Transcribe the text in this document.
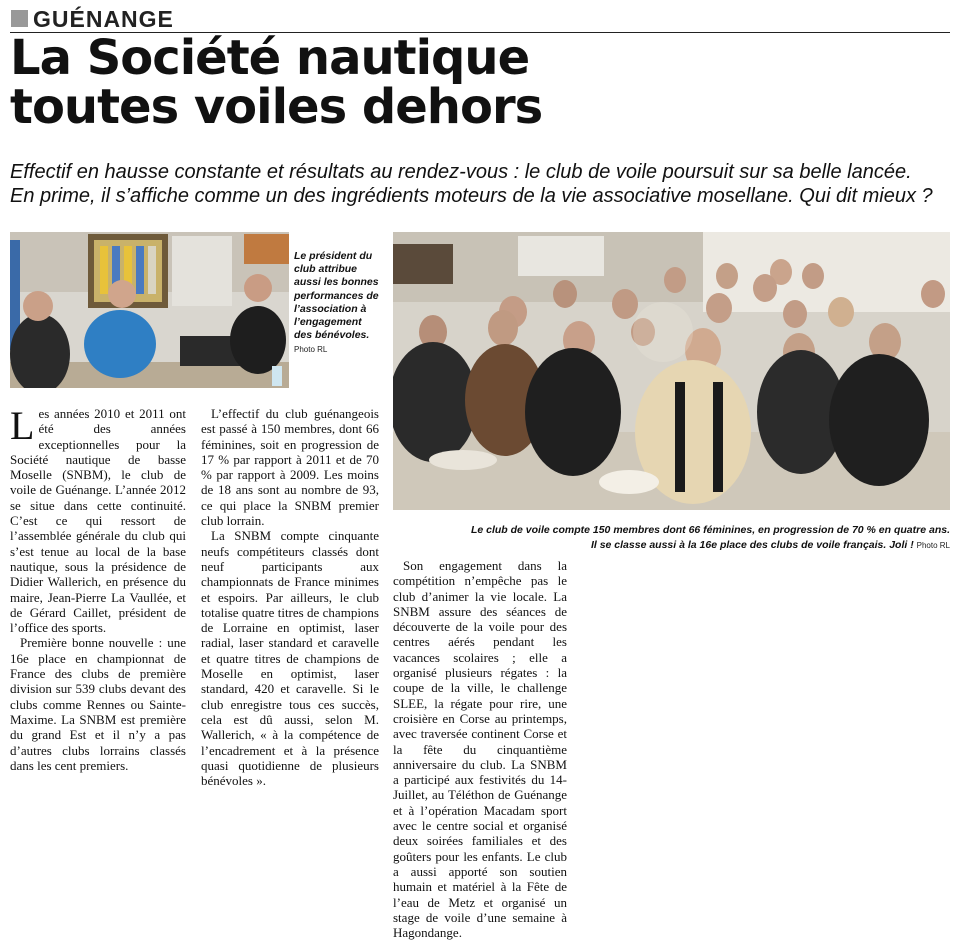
GUÉNANGE
La Société nautique
toutes voiles dehors
Effectif en hausse constante et résultats au rendez-vous : le club de voile poursuit sur sa belle lancée.
En prime, il s’affiche comme un des ingrédients moteurs de la vie associative mosellane. Qui dit mieux ?

Le président du club attribue aussi les bonnes performances de l’association à l’engagement des bénévoles.

Photo RL
Le club de voile compte 150 membres dont 66 féminines, en progression de 70 % en quatre ans.
Il se classe aussi à la 16e place des clubs de voile français. Joli ! Photo RL

Les années 2010 et 2011 ont été des années exceptionnelles pour la Société nautique de basse Moselle (SNBM), le club de voile de Guénange. L’année 2012 se situe dans cette continuité. C’est ce qui ressort de l’assemblée générale du club qui s’est tenue au local de la base nautique, sous la présidence de Didier Wallerich, en présence du maire, Jean-Pierre La Vaullée, et de Gérard Caillet, président de l’office des sports.

Première bonne nouvelle : une 16e place en championnat de France des clubs de première division sur 539 clubs devant des clubs comme Rennes ou Sainte-Maxime. La SNBM est première du grand Est et il n’y a pas d’autres clubs lorrains classés dans les cent premiers.

L’effectif du club guénangeois est passé à 150 membres, dont 66 féminines, soit en progression de 17 % par rapport à 2011 et de 70 % par rapport à 2009. Les moins de 18 ans sont au nombre de 93, ce qui place la SNBM premier club lorrain.

La SNBM compte cinquante neufs compétiteurs classés dont neuf participants aux championnats de France minimes et espoirs. Par ailleurs, le club totalise quatre titres de champions de Lorraine en optimist, laser radial, laser standard et caravelle et quatre titres de champions de Moselle en optimist, laser standard, 420 et caravelle. Si le club enregistre tous ces succès, cela est dû aussi, selon M. Wallerich, « à la compétence de l’encadrement et à la présence quasi quotidienne de plusieurs bénévoles ».

Son engagement dans la compétition n’empêche pas le club d’animer la vie locale. La SNBM assure des séances de découverte de la voile pour des centres aérés pendant les vacances scolaires ; elle a organisé plusieurs régates : la coupe de la ville, le challenge SLEE, la régate pour rire, une croisière en Corse au printemps, avec traversée continent Corse et la fête du cinquantième anniversaire du club. La SNBM a participé aux festivités du 14-Juillet, au Téléthon de Guénange et à l’opération Macadam sport avec le centre social et organisé deux soirées familiales et des goûters pour les enfants. Le club a aussi apporté son soutien humain et matériel à la Fête de l’eau de Metz et organisé un stage de voile d’une semaine à Hagondange.
